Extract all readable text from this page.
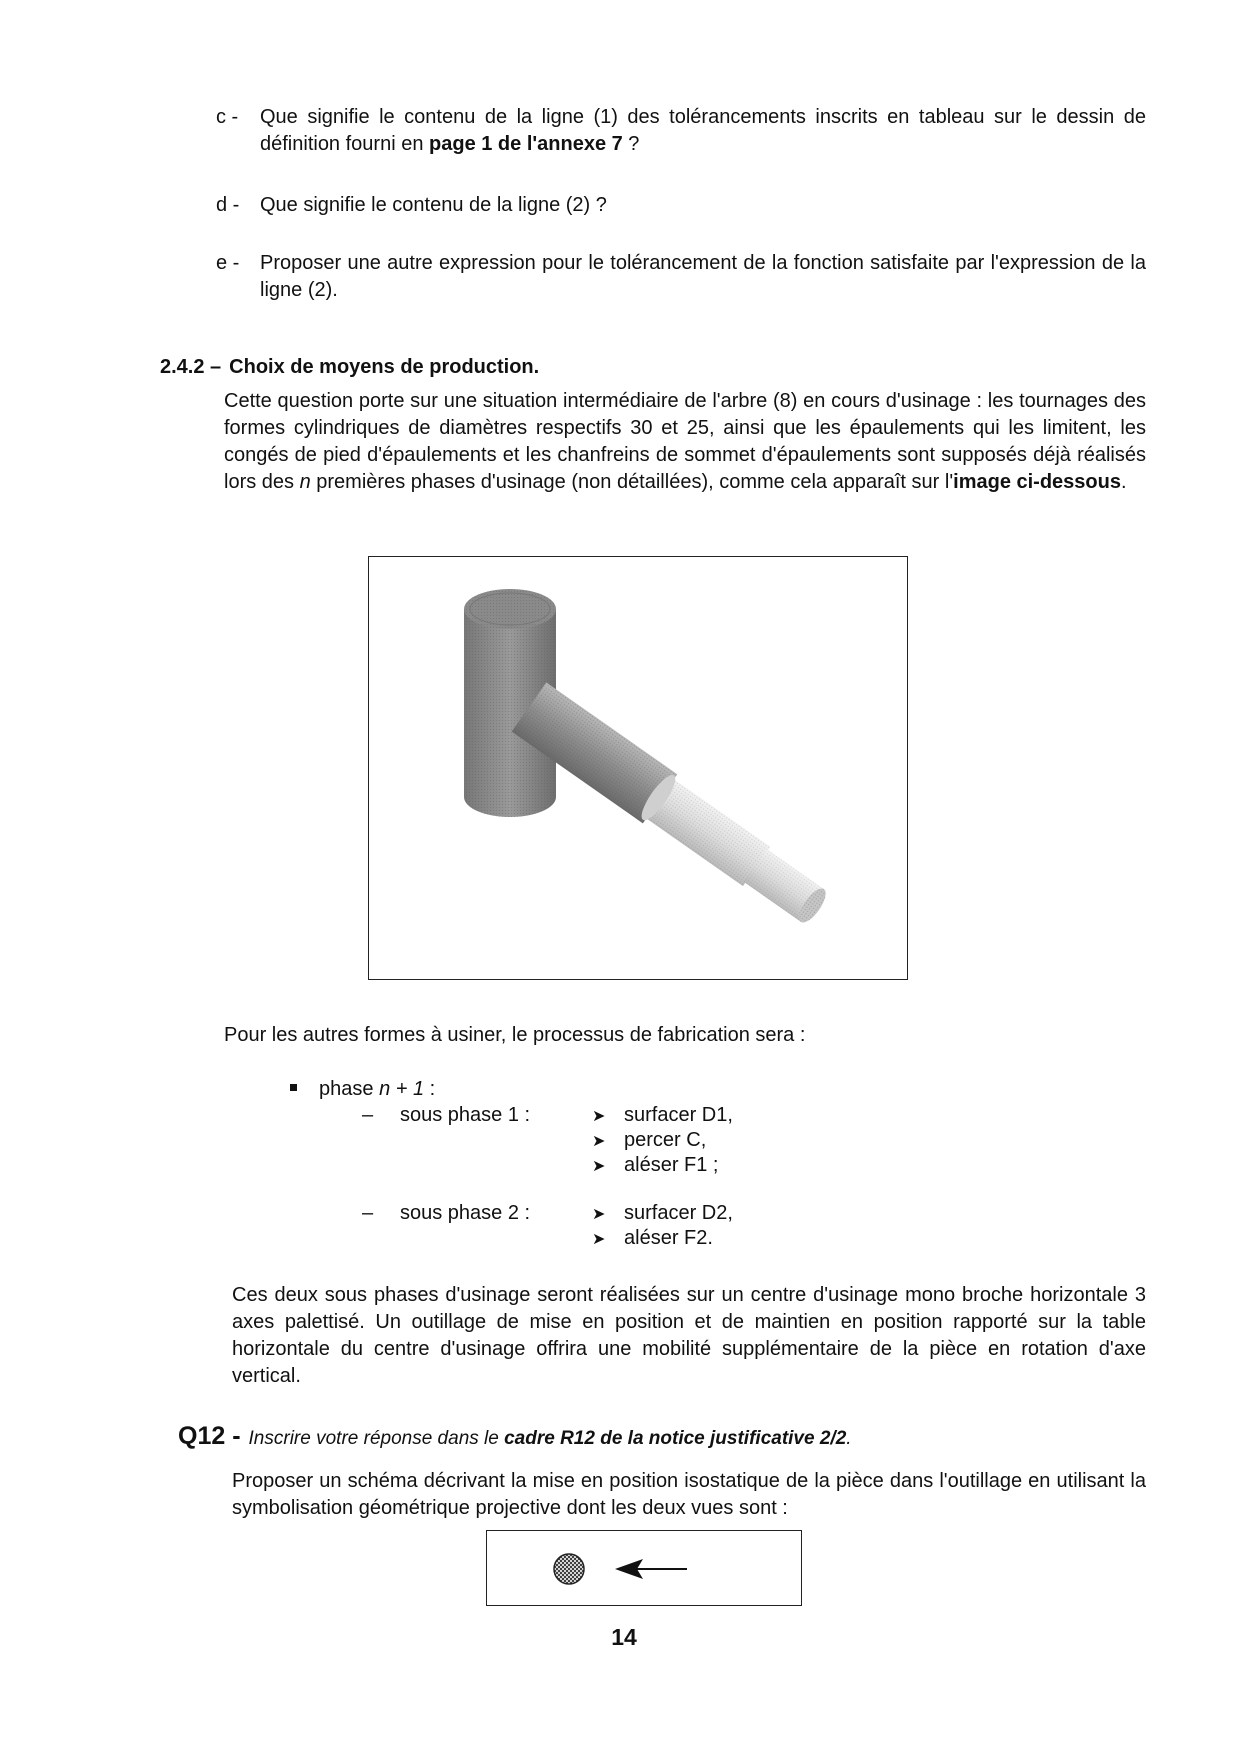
c -	Que signifie le contenu de la ligne (1) des tolérancements inscrits en tableau sur le dessin de définition fourni en page 1 de l'annexe 7 ?
d -	Que signifie le contenu de la ligne (2) ?
e -	Proposer une autre expression pour le tolérancement de la fonction satisfaite par l'expression de la ligne (2).
2.4.2 – Choix de moyens de production.
Cette question porte sur une situation intermédiaire de l'arbre (8) en cours d'usinage : les tournages des formes cylindriques de diamètres respectifs 30 et 25, ainsi que les épaulements qui les limitent, les congés de pied d'épaulements et les chanfreins de sommet d'épaulements sont supposés déjà réalisés lors des n premières phases d'usinage (non détaillées), comme cela apparaît sur l'image ci-dessous.
Pour les autres formes à usiner, le processus de fabrication sera :
phase n + 1 :
– sous phase 1 :	➤ surfacer D1,
➤ percer C,
➤ aléser F1 ;
– sous phase 2 :	➤ surfacer D2,
➤ aléser F2.
Ces deux sous phases d'usinage seront réalisées sur un centre d'usinage mono broche horizontale 3 axes palettisé. Un outillage de mise en position et de maintien en position rapporté sur la table horizontale du centre d'usinage offrira une mobilité supplémentaire de la pièce en rotation d'axe vertical.
Q12 - Inscrire votre réponse dans le cadre R12 de la notice justificative 2/2.
Proposer un schéma décrivant la mise en position isostatique de la pièce dans l'outillage en utilisant la symbolisation géométrique projective dont les deux vues sont :
14
